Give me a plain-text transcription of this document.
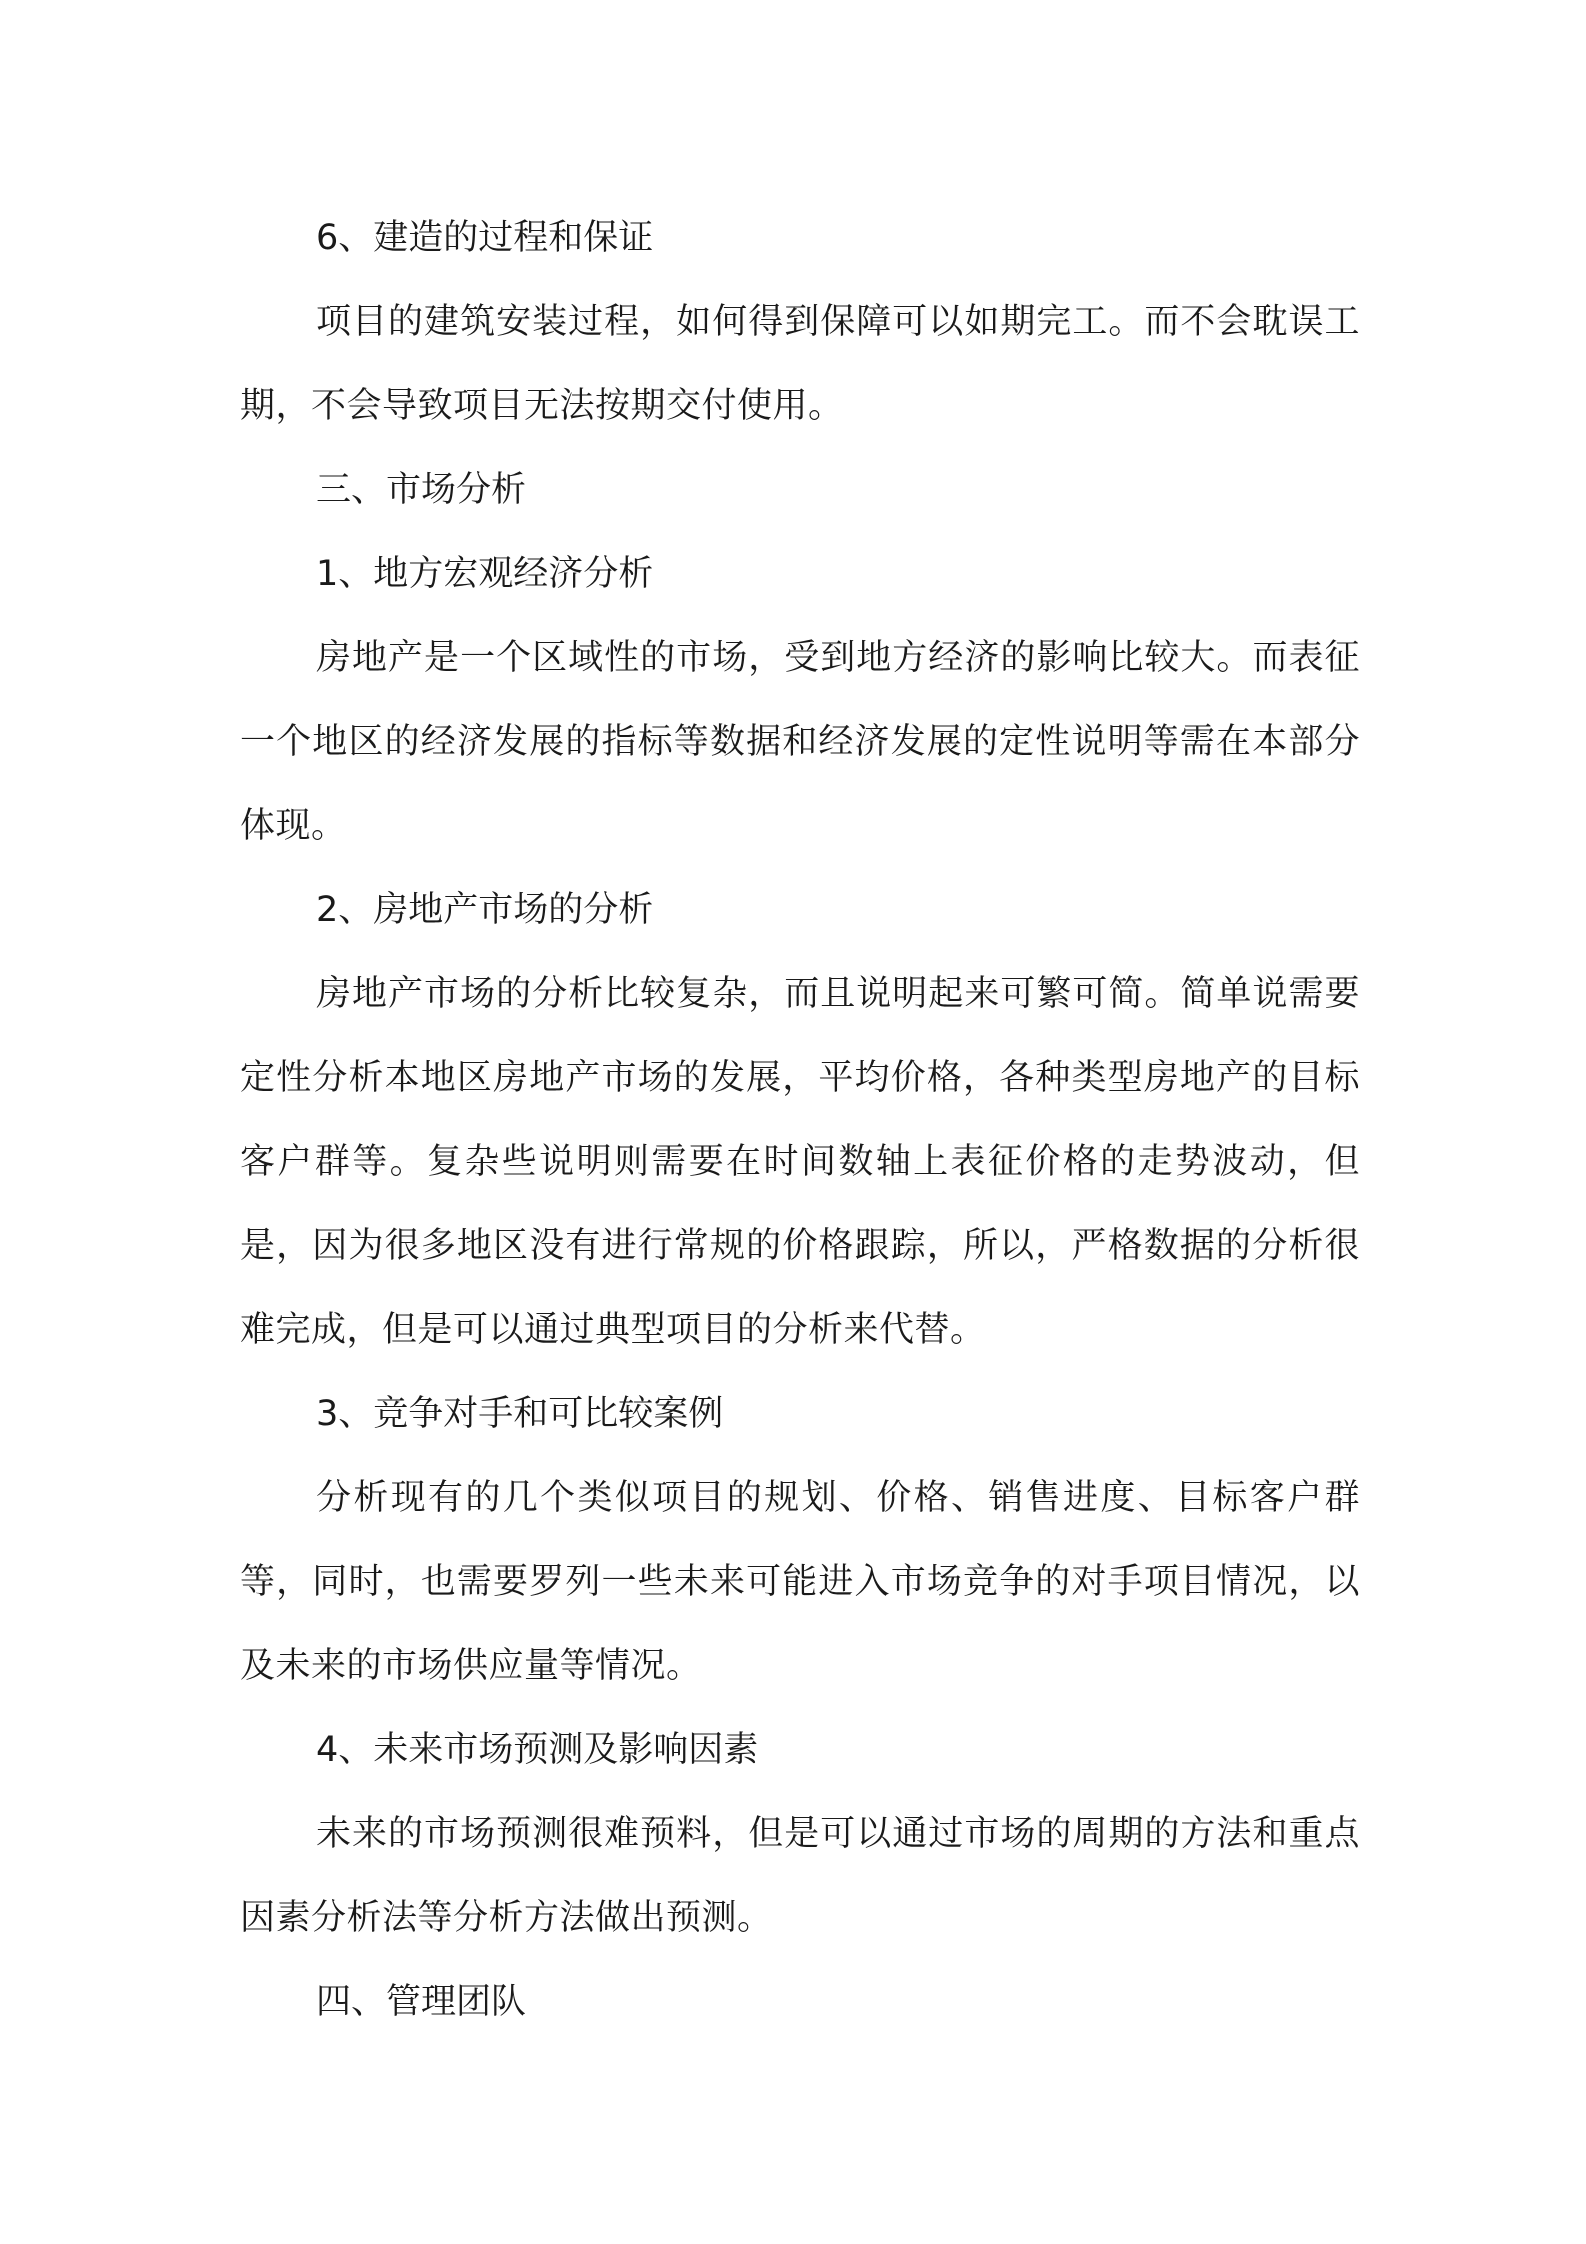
6、建造的过程和保证

项目的建筑安装过程，如何得到保障可以如期完工。而不会耽误工期，不会导致项目无法按期交付使用。

三、市场分析

1、地方宏观经济分析

房地产是一个区域性的市场，受到地方经济的影响比较大。而表征一个地区的经济发展的指标等数据和经济发展的定性说明等需在本部分体现。

2、房地产市场的分析

房地产市场的分析比较复杂，而且说明起来可繁可简。简单说需要定性分析本地区房地产市场的发展，平均价格，各种类型房地产的目标客户群等。复杂些说明则需要在时间数轴上表征价格的走势波动，但是，因为很多地区没有进行常规的价格跟踪，所以，严格数据的分析很难完成，但是可以通过典型项目的分析来代替。

3、竞争对手和可比较案例

分析现有的几个类似项目的规划、价格、销售进度、目标客户群等，同时，也需要罗列一些未来可能进入市场竞争的对手项目情况，以及未来的市场供应量等情况。

4、未来市场预测及影响因素

未来的市场预测很难预料，但是可以通过市场的周期的方法和重点因素分析法等分析方法做出预测。

四、管理团队
